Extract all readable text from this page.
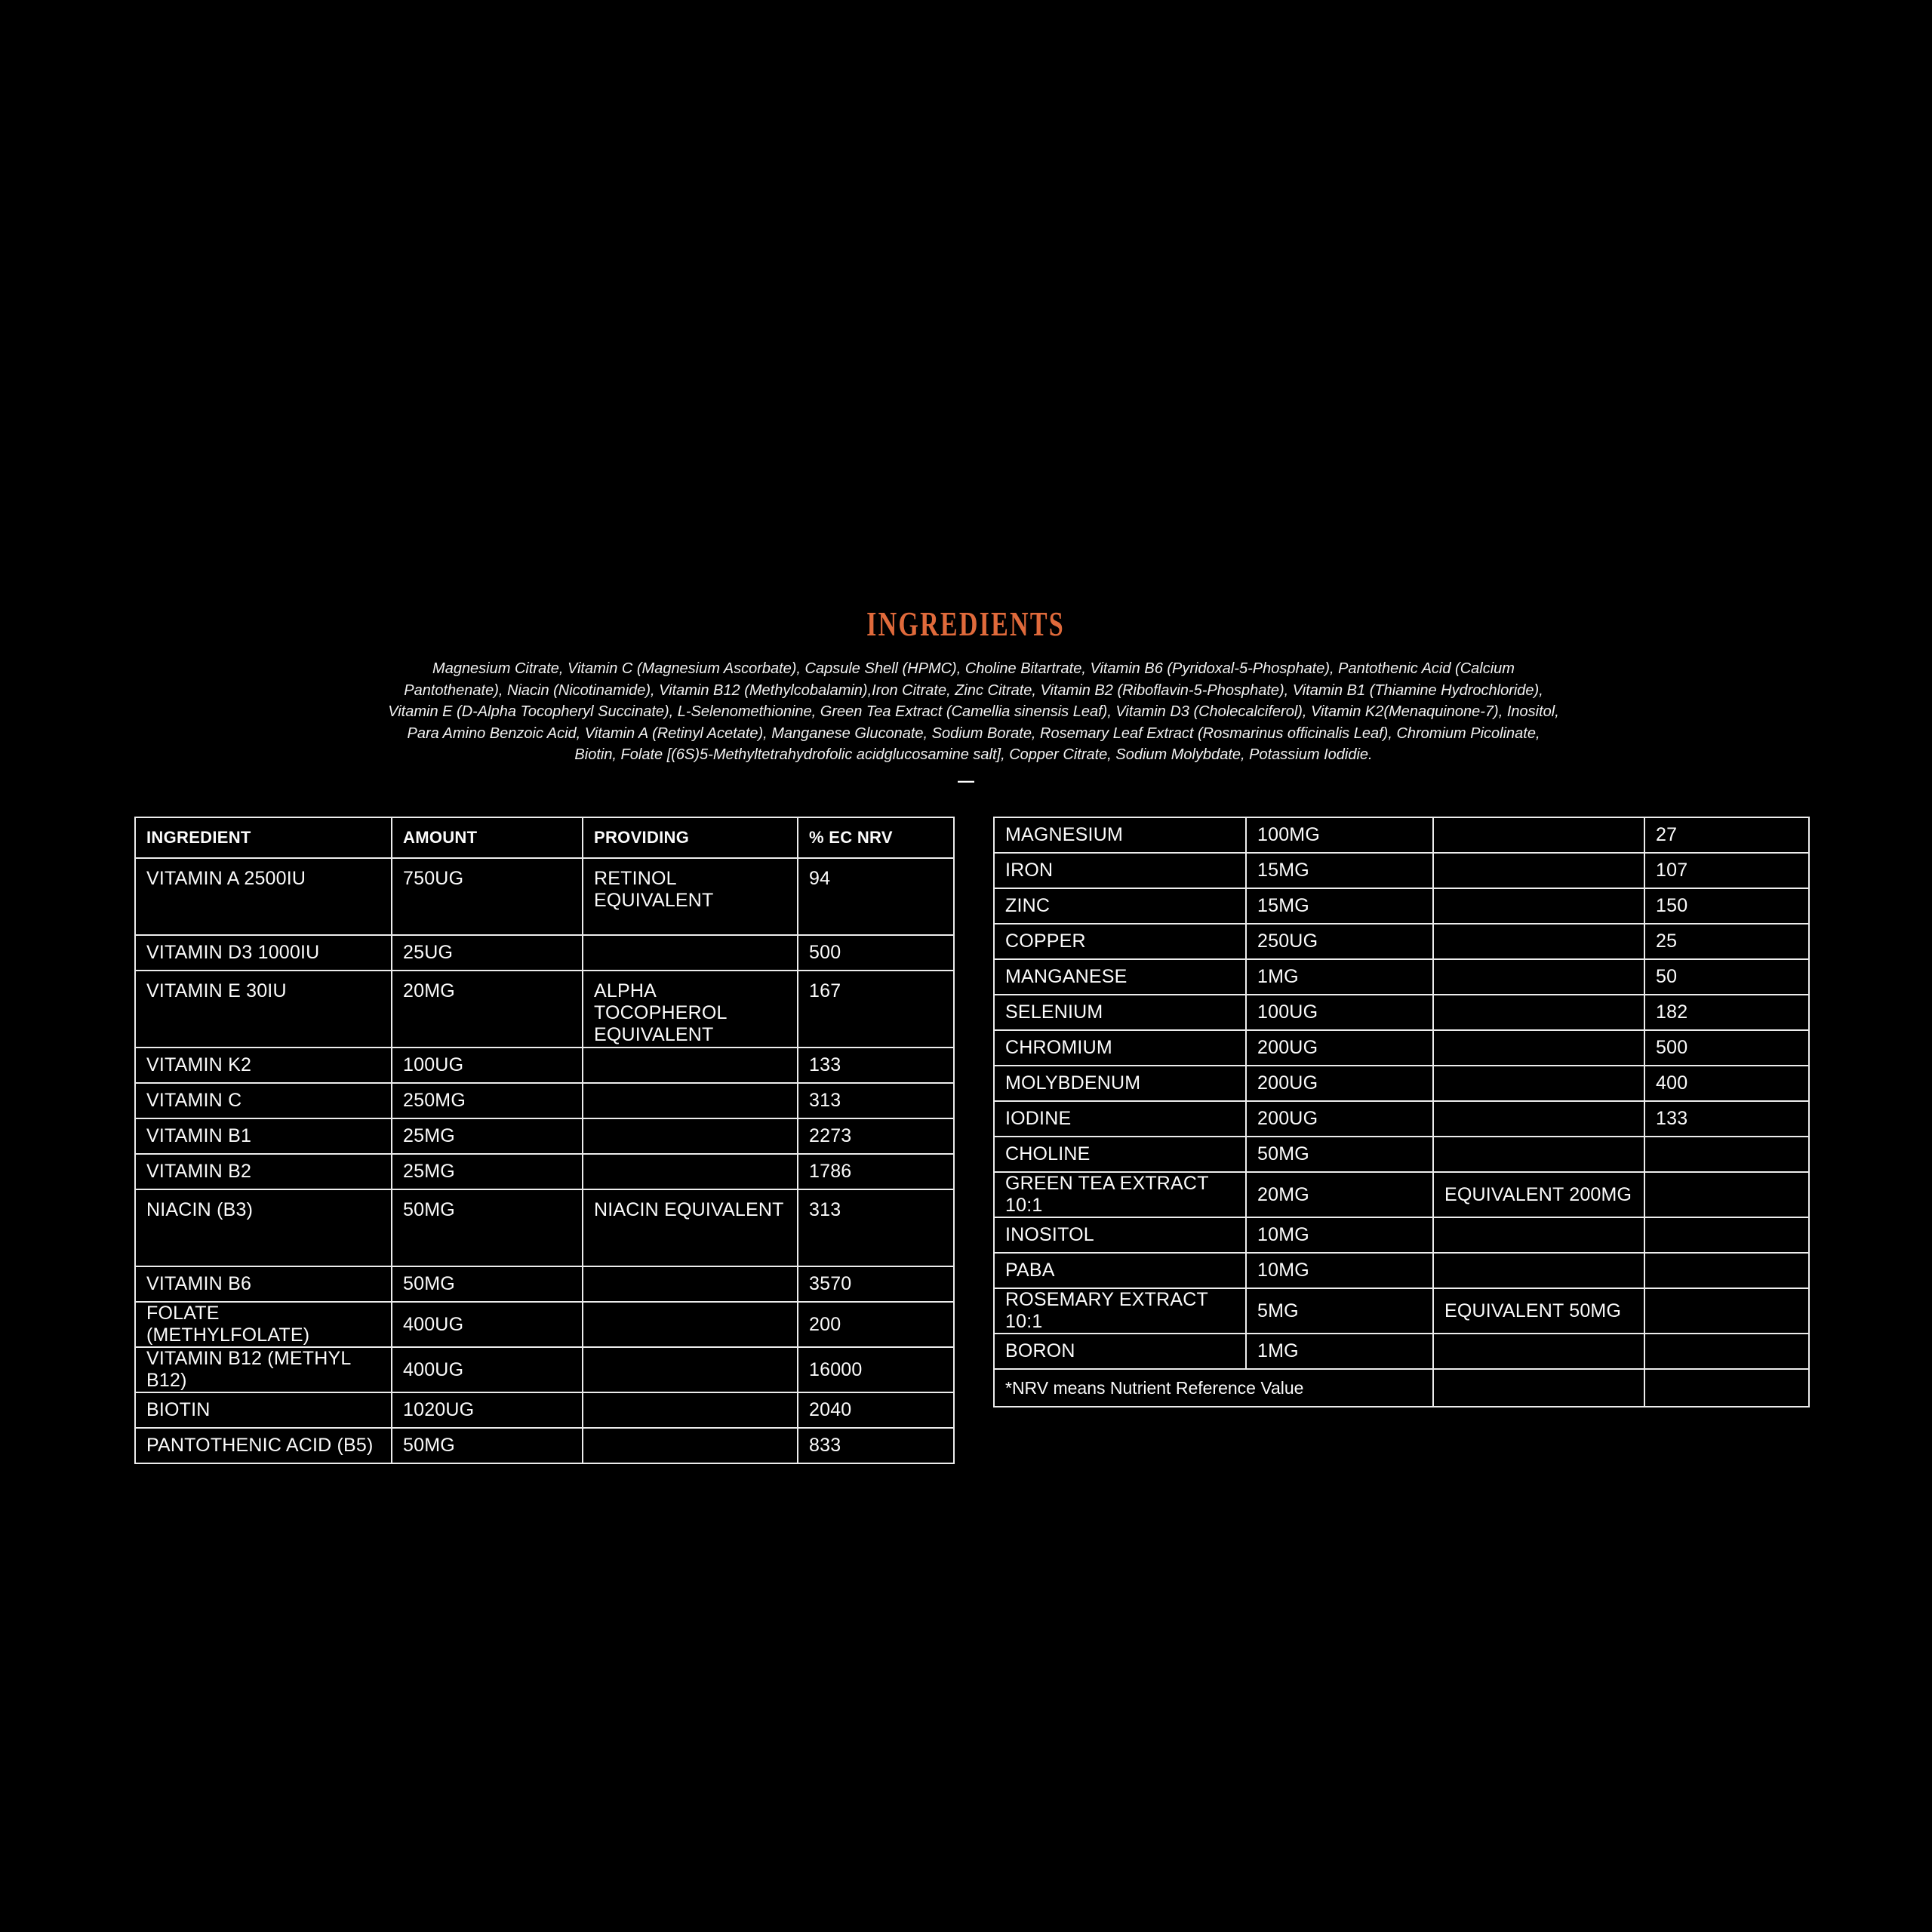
INGREDIENTS
Magnesium Citrate, Vitamin C (Magnesium Ascorbate), Capsule Shell (HPMC), Choline Bitartrate, Vitamin B6 (Pyridoxal-5-Phosphate), Pantothenic Acid (Calcium
Pantothenate), Niacin (Nicotinamide), Vitamin B12 (Methylcobalamin),Iron Citrate, Zinc Citrate, Vitamin B2 (Riboflavin-5-Phosphate), Vitamin B1 (Thiamine Hydrochloride),
Vitamin E (D-Alpha Tocopheryl Succinate), L-Selenomethionine, Green Tea Extract (Camellia sinensis Leaf), Vitamin D3 (Cholecalciferol), Vitamin K2(Menaquinone-7), Inositol,
Para Amino Benzoic Acid, Vitamin A (Retinyl Acetate), Manganese Gluconate, Sodium Borate, Rosemary Leaf Extract (Rosmarinus officinalis Leaf), Chromium Picolinate,
Biotin, Folate [(6S)5-Methyltetrahydrofolic acidglucosamine salt], Copper Citrate, Sodium Molybdate, Potassium Iodidie.
—
INGREDIENT	AMOUNT	PROVIDING	% EC NRV
VITAMIN A 2500IU	750UG	RETINOL EQUIVALENT	94
VITAMIN D3 1000IU	25UG		500
VITAMIN E 30IU	20MG	ALPHA TOCOPHEROL EQUIVALENT	167
VITAMIN K2	100UG		133
VITAMIN C	250MG		313
VITAMIN B1	25MG		2273
VITAMIN B2	25MG		1786
NIACIN (B3)	50MG	NIACIN EQUIVALENT	313
VITAMIN B6	50MG		3570
FOLATE (METHYLFOLATE)	400UG		200
VITAMIN B12 (METHYL B12)	400UG		16000
BIOTIN	1020UG		2040
PANTOTHENIC ACID (B5)	50MG		833
MAGNESIUM	100MG		27
IRON	15MG		107
ZINC	15MG		150
COPPER	250UG		25
MANGANESE	1MG		50
SELENIUM	100UG		182
CHROMIUM	200UG		500
MOLYBDENUM	200UG		400
IODINE	200UG		133
CHOLINE	50MG		
GREEN TEA EXTRACT 10:1	20MG	EQUIVALENT 200MG	
INOSITOL	10MG		
PABA	10MG		
ROSEMARY EXTRACT 10:1	5MG	EQUIVALENT 50MG	
BORON	1MG		
*NRV means Nutrient Reference Value			
